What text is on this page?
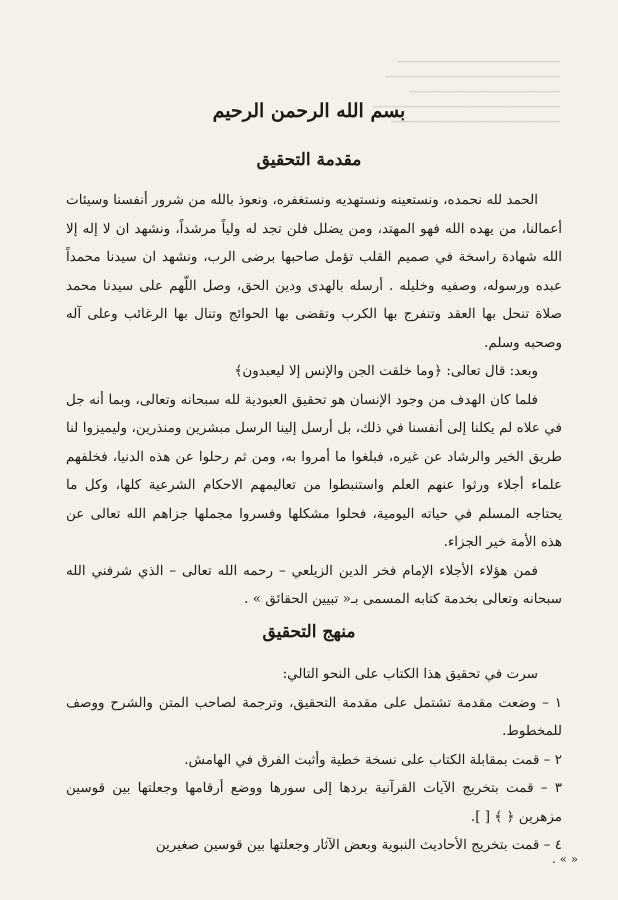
━━━━━━━━━━━━━━━━━━━━━━━━━━━
━━━━━━━━━━━━━━━━━━━━━━━━━━━━━
━━━━━━━━━━━━━━━━━━━━━━━━━
━━━━━━━━━━━━━━━━━━━━━━━━━━━━━━━
━━━━━━━━━━━━━━━━━━━━━━━━━━━━
بسم الله الرحمن الرحيم
مقدمة التحقيق

الحمد لله نحمده، ونستعينه ونستهديه ونستغفره، ونعوذ بالله من شرور أنفسنا وسيئات أعمالنا، من يهده الله فهو المهتد، ومن يضلل فلن تجد له ولياً مرشداً، ونشهد ان لا إله إلا الله شهادة راسخة في صميم القلب تؤمل صاحبها برضى الرب، ونشهد ان سيدنا محمداً عبده ورسوله، وصفيه وخليله . أرسله بالهدى ودين الحق، وصل اللّهم على سيدنا محمد صلاة تنحل بها العقد وتنفرج بها الكرب وتقضى بها الحوائج وتنال بها الرغائب وعلى آله وصحبه وسلم.

وبعد: قال تعالى: ﴿وما خلقت الجن والإنس إلا ليعبدون﴾

فلما كان الهدف من وجود الإنسان هو تحقيق العبودية لله سبحانه وتعالى، وبما أنه جل في علاه لم يكلنا إلى أنفسنا في ذلك، بل أرسل إلينا الرسل مبشرين ومنذرين، وليميزوا لنا طريق الخير والرشاد عن غيره، فبلغوا ما أمروا به، ومن ثم رحلوا عن هذه الدنيا، فخلفهم علماء أجلاء ورثوا عنهم العلم واستنبطوا من تعاليمهم الاحكام الشرعية كلها، وكل ما يحتاجه المسلم في حياته اليومية، فحلوا مشكلها وفسروا مجملها جزاهم الله تعالى عن هذه الأمة خير الجزاء.

فمن هؤلاء الأجلاء الإمام فخر الدين الزيلعي – رحمه الله تعالى – الذي شرفني الله سبحانه وتعالى بخدمة كتابه المسمى بـ« تبيين الحقائق » .

منهج التحقيق

سرت في تحقيق هذا الكتاب على النحو التالي:

١ – وضعت مقدمة تشتمل على مقدمة التحقيق، وترجمة لصاحب المتن والشرح ووصف للمخطوط.

٢ – قمت بمقابلة الكتاب على نسخة خطية وأثبت الفرق في الهامش.

٣ – قمت بتخريج الآيات القرآنية بردها إلى سورها ووضع أرقامها وجعلتها بين قوسين مزهرين ﴿ ﴾ [ ].

٤ – قمت بتخريج الأحاديث النبوية وبعض الآثار وجعلتها بين قوسين صغيرين

. « »
